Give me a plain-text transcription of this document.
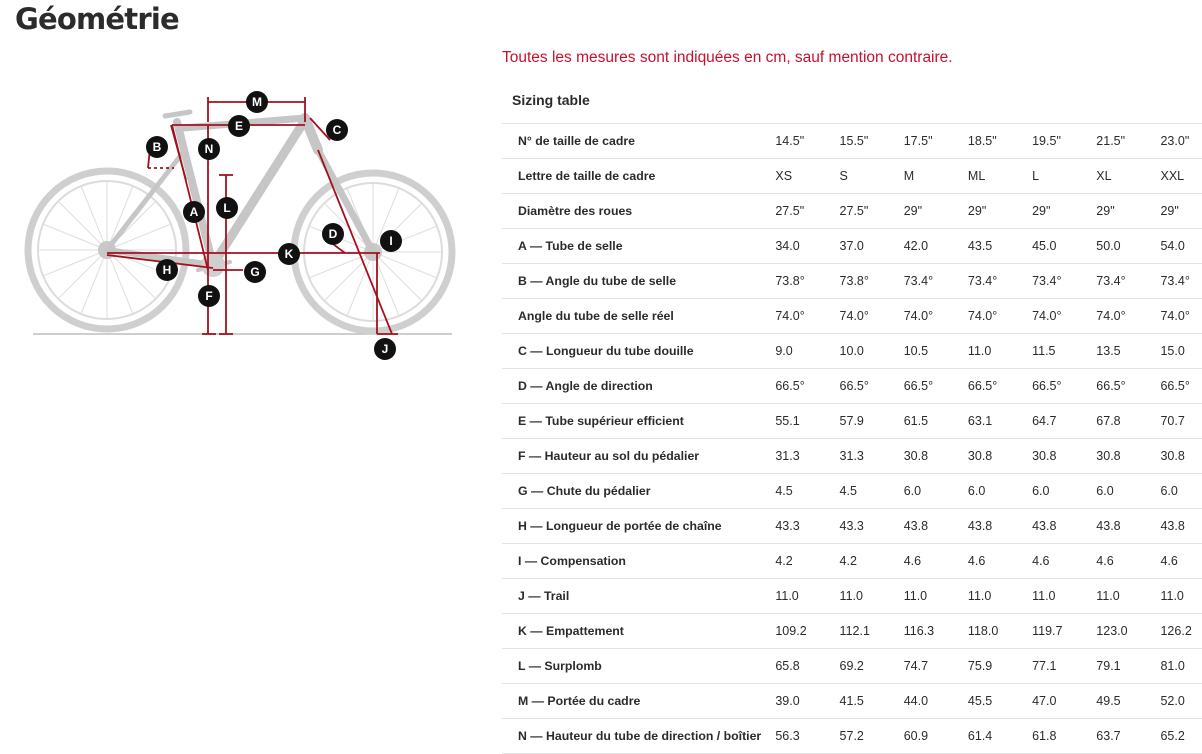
Géométrie
M
E	C
B	N
L
A
D	I
K
H	G
F
J
Toutes les mesures sont indiquées en cm, sauf mention contraire.
Sizing table
N° de taille de cadre	14.5"	15.5"	17.5"	18.5"	19.5"	21.5"	23.0"
Lettre de taille de cadre	XS	S	M	ML	L	XL	XXL
Diamètre des roues	27.5"	27.5"	29"	29"	29"	29"	29"
A — Tube de selle	34.0	37.0	42.0	43.5	45.0	50.0	54.0
B — Angle du tube de selle	73.8°	73.8°	73.4°	73.4°	73.4°	73.4°	73.4°
Angle du tube de selle réel	74.0°	74.0°	74.0°	74.0°	74.0°	74.0°	74.0°
C — Longueur du tube douille	9.0	10.0	10.5	11.0	11.5	13.5	15.0
D — Angle de direction	66.5°	66.5°	66.5°	66.5°	66.5°	66.5°	66.5°
E — Tube supérieur efficient	55.1	57.9	61.5	63.1	64.7	67.8	70.7
F — Hauteur au sol du pédalier	31.3	31.3	30.8	30.8	30.8	30.8	30.8
G — Chute du pédalier	4.5	4.5	6.0	6.0	6.0	6.0	6.0
H — Longueur de portée de chaîne	43.3	43.3	43.8	43.8	43.8	43.8	43.8
I — Compensation	4.2	4.2	4.6	4.6	4.6	4.6	4.6
J — Trail	11.0	11.0	11.0	11.0	11.0	11.0	11.0
K — Empattement	109.2	112.1	116.3	118.0	119.7	123.0	126.2
L — Surplomb	65.8	69.2	74.7	75.9	77.1	79.1	81.0
M — Portée du cadre	39.0	41.5	44.0	45.5	47.0	49.5	52.0
N — Hauteur du tube de direction / boîtier	56.3	57.2	60.9	61.4	61.8	63.7	65.2
